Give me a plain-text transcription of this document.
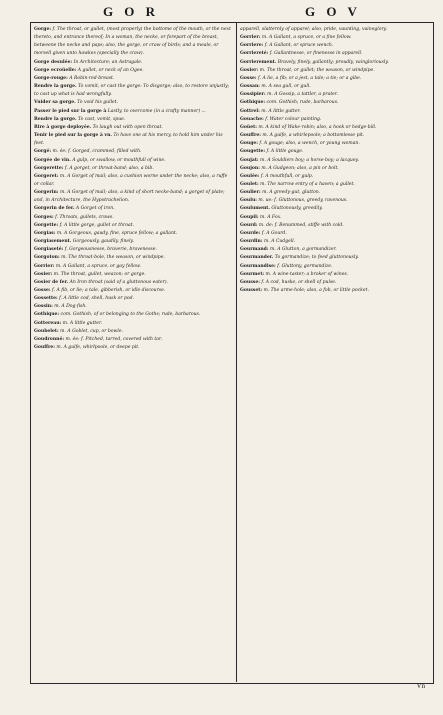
G O R	G O V
Gorge: f. The throat, or gullet, (most properly) the bottome of the mouth, or the next thereto, and entrance thereof; In a woman, the necke, or forepart of the breast, betweene the necke and paps; also, the gorge, or craw of birds; and a meale, or morsell given unto hawkes (specially the craw).
Gorge desulée: In Architecture; an Astragale.
Gorge ecroüelle: A gullet, or neck of an Ogee.
Gorge-rouge: A Robin-red-breast.
Rendre la gorge. To vomit, or cast the gorge: To disgorge; also, to restore unjustly; to cast up what is had wrongfully.
Vuider sa gorge. To void his gullet.
Passer le pied sur la gorge à Lastly, to overcome (in a crafty manner) ...
Rendre la gorge. To cast, vomit, spue.
Rire à gorge deployée. To laugh out with open throat.
Tenir le pied sur la gorge à vn. To have one at his mercy, to hold him under his feet.
Gorgé: m. ée: f. Gorged, crammed, filled with.
Gorgée de vin. A gulp, or swallow, or mouthfull of wine.
Gorgerette: f. A gorget, or throat-band; also, a bib.
Gorgeret: m. A Gorget of mail; also, a cushion worne under the necke; also, a ruffe or collar.
Gorgerin: m. A Gorget of mail; also, a kind of short necke-band; a gorget of plate; and, in Architecture, the Hypotrachelion.
Gorgerin de fer. A Gorget of iron.
Gorges: f. Throats, gullets, craws.
Gorgette: f. A little gorge, gullet or throat.
Gorgias: m. A Gorgeous, gaudy, fine, spruce fellow; a gallant.
Gorgiasement. Gorgeously, gaudily, finely.
Gorgiaseté: f. Gorgeousnesse, braverie, bravenesse.
Gorgoton: m. The throat-bole, the weason, or windpipe.
Gorrier: m. A Gallant, a spruce, or gay fellow.
Gosier: m. The throat, gullet, weazon; or gorge.
Gosier de fer. An Iron throat (said of a gluttonous eater).
Gosse: f. A fib, or lie; a tale, gibberish, or idle discourse.
Gossette: f. A little cod, shell, husk or pod.
Gossin: m. A Dog-fish.
Gothique: com. Gothish, of or belonging to the Goths; rude, barbarous.
Gottereau: m. A little gutter.
Goubelet: m. A Goblet, cup, or bowle.
Goudronné: m. ée: f. Pitched, tarred, covered with tar.
Gouffre: m. A gulfe, whirlpoole, or deepe pit.
apparell, slatternly of apparel; also, pride, vaunting, vaineglory.
Gorrier: m. A Gallant, a spruce, or a fine fellow.
Gorriere: f. A Gallant, or spruce wench.
Gorriereté: f. Gallantnesse, or finenesse in apparell.
Gorrierement. Bravely, finely, gallantly; proudly, vaingloriously.
Gosier: m. The throat, or gullet; the weason, or windpipe.
Gosse: f. A lie, a fib; or a jest, a tale; a tie; or a gibe.
Gossan: m. A sea gull, or gull.
Gossipier: m. A Gossip, a tattler, a prater.
Gothique: com. Gothish; rude, barbarous.
Gottrel: m. A little gutter.
Gouache: f. Water colour painting.
Goüet: m. A kind of Wake-robin; also, a hook or hedge-bill.
Gouffre: m. A gulfe, a whirlepoole; a bottomlesse pit.
Gouge: f. A gouge; also, a wench, or young woman.
Gougette: f. A little gouge.
Goujat: m. A Souldiers boy; a horse-boy; a lacquey.
Goujon: m. A Gudgeon; also, a pin or bolt.
Goulée: f. A mouthfull, or gulp.
Goulet: m. The narrow entry of a haven; a gullet.
Goulier: m. A greedy-gut, glutton.
Goulu: m. ue: f. Gluttonous, greedy, ravenous.
Goulument. Gluttonously, greedily.
Goupil: m. A Fox.
Gourd: m. de: f. Benummed, stiffe with cold.
Gourde: f. A Gourd.
Gourdin: m. A Cudgell.
Gourmand: m. A Glutton, a gormandizer.
Gourmander. To gormandize; to feed gluttonously.
Gourmandise: f. Gluttony, gormandize.
Gourmet: m. A wine-taster; a broker of wines.
Gousse: f. A cod, huske, or shell of pulse.
Gousset: m. The arme-hole; also, a fob, or little pocket.
Vn
